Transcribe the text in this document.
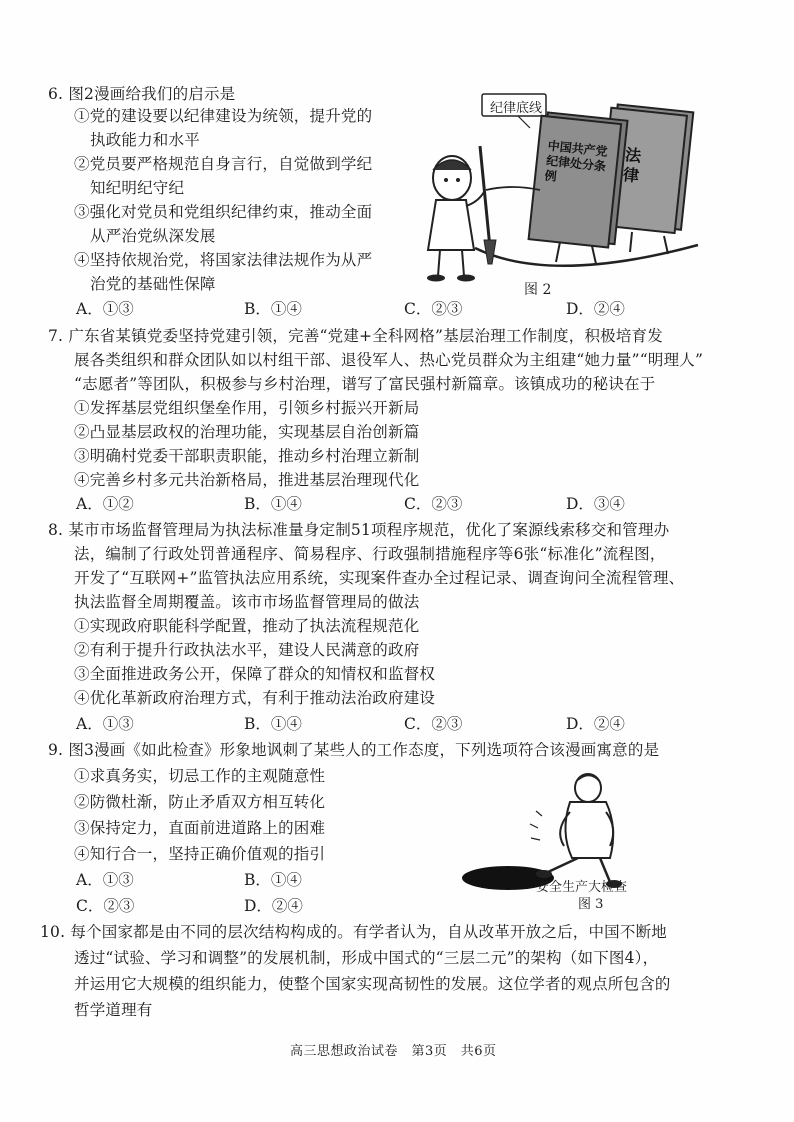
6. 图2漫画给我们的启示是
①党的建设要以纪律建设为统领，提升党的
执政能力和水平
②党员要严格规范自身言行，自觉做到学纪
知纪明纪守纪
③强化对党员和党组织纪律约束，推动全面
从严治党纵深发展
④坚持依规治党，将国家法律法规作为从严
治党的基础性保障
A．①③	B．①④	C．②③	D．②④
纪律底线
中国共产党纪律处分条例
法律
图 2
7. 广东省某镇党委坚持党建引领，完善“党建+全科网格”基层治理工作制度，积极培育发
展各类组织和群众团队如以村组干部、退役军人、热心党员群众为主组建“她力量”“明理人”
“志愿者”等团队，积极参与乡村治理，谱写了富民强村新篇章。该镇成功的秘诀在于
①发挥基层党组织堡垒作用，引领乡村振兴开新局
②凸显基层政权的治理功能，实现基层自治创新篇
③明确村党委干部职责职能，推动乡村治理立新制
④完善乡村多元共治新格局，推进基层治理现代化
A．①②	B．①④	C．②③	D．③④
8. 某市市场监督管理局为执法标准量身定制51项程序规范，优化了案源线索移交和管理办
法，编制了行政处罚普通程序、简易程序、行政强制措施程序等6张“标准化”流程图，
开发了“互联网+”监管执法应用系统，实现案件查办全过程记录、调查询问全流程管理、
执法监督全周期覆盖。该市市场监督管理局的做法
①实现政府职能科学配置，推动了执法流程规范化
②有利于提升行政执法水平，建设人民满意的政府
③全面推进政务公开，保障了群众的知情权和监督权
④优化革新政府治理方式，有利于推动法治政府建设
A．①③	B．①④	C．②③	D．②④
9. 图3漫画《如此检查》形象地讽刺了某些人的工作态度，下列选项符合该漫画寓意的是
①求真务实，切忌工作的主观随意性
②防微杜渐，防止矛盾双方相互转化
③保持定力，直面前进道路上的困难
④知行合一，坚持正确价值观的指引
A．①③	B．①④
C．②③	D．②④
安全生产大检查
图 3
10. 每个国家都是由不同的层次结构构成的。有学者认为，自从改革开放之后，中国不断地
透过“试验、学习和调整”的发展机制，形成中国式的“三层二元”的架构（如下图4），
并运用它大规模的组织能力，使整个国家实现高韧性的发展。这位学者的观点所包含的
哲学道理有
高三思想政治试卷　第3页　共6页
